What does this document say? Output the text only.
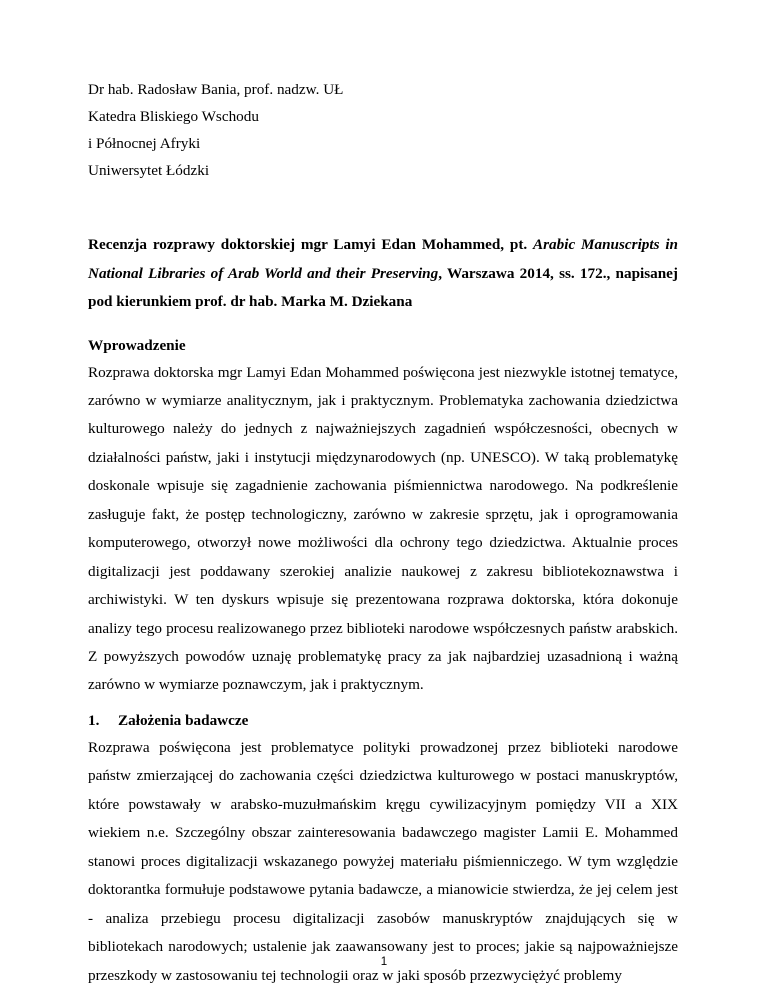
Dr hab. Radosław Bania, prof. nadzw. UŁ

Katedra Bliskiego Wschodu

i Północnej Afryki

Uniwersytet Łódzki

Recenzja rozprawy doktorskiej mgr Lamyi Edan Mohammed, pt. Arabic Manuscripts in National Libraries of Arab World and their Preserving, Warszawa 2014, ss. 172., napisanej pod kierunkiem prof. dr hab. Marka M. Dziekana
Wprowadzenie

Rozprawa doktorska mgr Lamyi Edan Mohammed poświęcona jest niezwykle istotnej tematyce, zarówno w wymiarze analitycznym, jak i praktycznym. Problematyka zachowania dziedzictwa kulturowego należy do jednych z najważniejszych zagadnień współczesności, obecnych w działalności państw, jaki i instytucji międzynarodowych (np. UNESCO). W taką problematykę doskonale wpisuje się zagadnienie zachowania piśmiennictwa narodowego. Na podkreślenie zasługuje fakt, że postęp technologiczny, zarówno w zakresie sprzętu, jak i oprogramowania komputerowego, otworzył nowe możliwości dla ochrony tego dziedzictwa. Aktualnie proces digitalizacji jest poddawany szerokiej analizie naukowej z zakresu bibliotekoznawstwa i archiwistyki. W ten dyskurs wpisuje się prezentowana rozprawa doktorska, która dokonuje analizy tego procesu realizowanego przez biblioteki narodowe współczesnych państw arabskich. Z powyższych powodów uznaję problematykę pracy za jak najbardziej uzasadnioną i ważną zarówno w wymiarze poznawczym, jak i praktycznym.

1.	Założenia badawcze

Rozprawa poświęcona jest problematyce polityki prowadzonej przez biblioteki narodowe państw zmierzającej do zachowania części dziedzictwa kulturowego w postaci manuskryptów, które powstawały w arabsko-muzułmańskim kręgu cywilizacyjnym pomiędzy VII a XIX wiekiem n.e. Szczególny obszar zainteresowania badawczego magister Lamii E. Mohammed stanowi proces digitalizacji wskazanego powyżej materiału piśmienniczego. W tym względzie doktorantka formułuje podstawowe pytania badawcze, a mianowicie stwierdza, że jej celem jest - analiza przebiegu procesu digitalizacji zasobów manuskryptów znajdujących się w bibliotekach narodowych; ustalenie jak zaawansowany jest to proces; jakie są najpoważniejsze przeszkody w zastosowaniu tej technologii oraz w jaki sposób przezwyciężyć problemy

1
